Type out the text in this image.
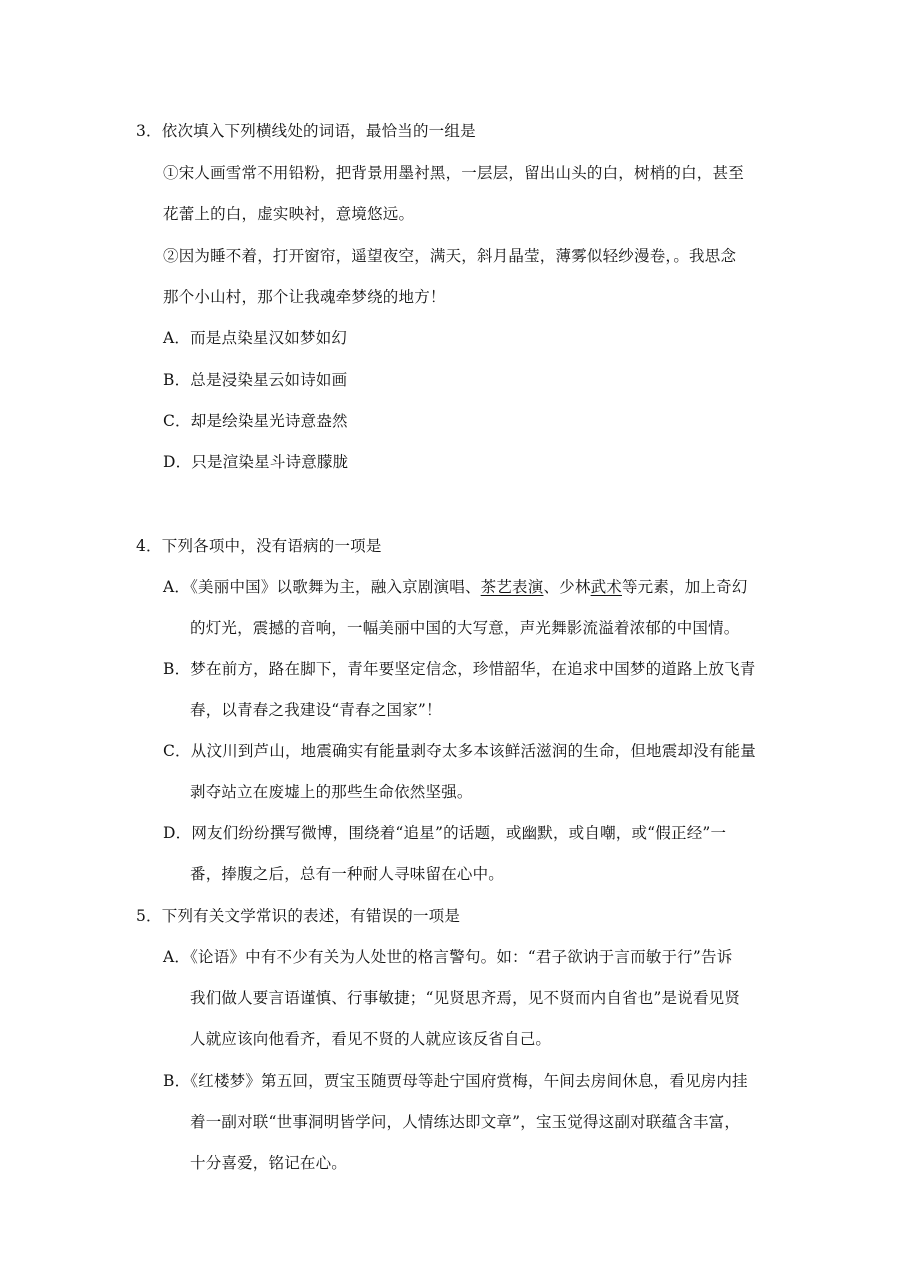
3．依次填入下列横线处的词语，最恰当的一组是
①宋人画雪常不用铅粉，把背景用墨衬黑，一层层，留出山头的白，树梢的白，甚至
花蕾上的白，虚实映衬，意境悠远。
②因为睡不着，打开窗帘，遥望夜空，满天，斜月晶莹，薄雾似轻纱漫卷，。我思念
那个小山村，那个让我魂牵梦绕的地方！
A．而是点染星汉如梦如幻
B．总是浸染星云如诗如画
C．却是绘染星光诗意盎然
D．只是渲染星斗诗意朦胧
4．下列各项中，没有语病的一项是
A．《美丽中国》以歌舞为主，融入京剧演唱、茶艺表演、少林武术等元素，加上奇幻
的灯光，震撼的音响，一幅美丽中国的大写意，声光舞影流溢着浓郁的中国情。
B．梦在前方，路在脚下，青年要坚定信念，珍惜韶华，在追求中国梦的道路上放飞青
春，以青春之我建设“青春之国家”！
C．从汶川到芦山，地震确实有能量剥夺太多本该鲜活滋润的生命，但地震却没有能量
剥夺站立在废墟上的那些生命依然坚强。
D．网友们纷纷撰写微博，围绕着“追星”的话题，或幽默，或自嘲，或“假正经”一
番，捧腹之后，总有一种耐人寻味留在心中。
5．下列有关文学常识的表述，有错误的一项是
A．《论语》中有不少有关为人处世的格言警句。如：“君子欲讷于言而敏于行”告诉
我们做人要言语谨慎、行事敏捷；“见贤思齐焉，见不贤而内自省也”是说看见贤
人就应该向他看齐，看见不贤的人就应该反省自己。
B．《红楼梦》第五回，贾宝玉随贾母等赴宁国府赏梅，午间去房间休息，看见房内挂
着一副对联“世事洞明皆学问，人情练达即文章”，宝玉觉得这副对联蕴含丰富，
十分喜爱，铭记在心。
